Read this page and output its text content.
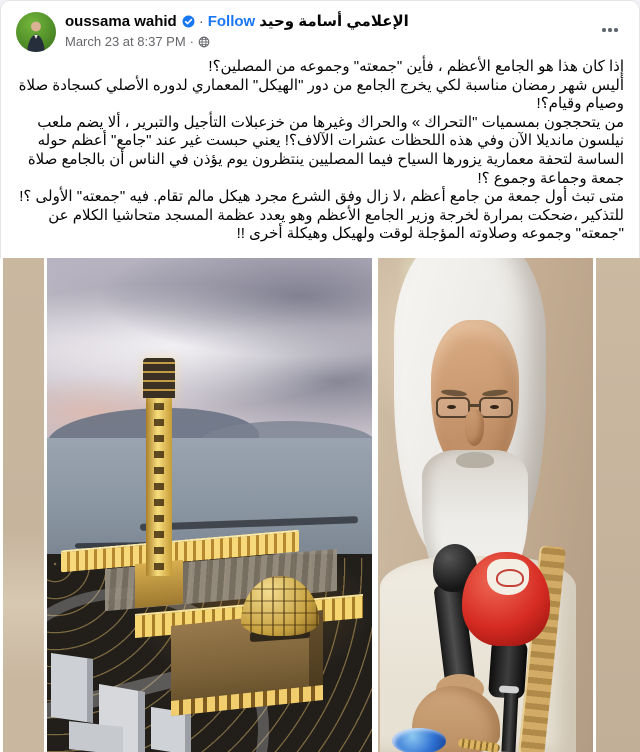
oussama wahid · Follow الإعلامي أسامة وحيد
March 23 at 8:37 PM ·

إذا كان هذا هو الجامع الأعظم ، فأين "جمعته" وجموعه من المصلين؟!

أليس شهر رمضان مناسبة لكي يخرج الجامع من دور "الهيكل" المعماري لدوره الأصلي كسجادة صلاة وصيام وقيام؟!

من يتحججون بمسميات "التحراك » والحراك وغيرها من خزعبلات التأجيل والتبرير ، ألا يضم ملعب نيلسون مانديلا الآن وفي هذه اللحظات عشرات الآلاف؟! يعني حبست غير عند "جامع" أعظم حوله الساسة لتحفة معمارية يزورها السياح فيما المصليين ينتظرون يوم يؤذن في الناس أن بالجامع صلاة جمعة وجماعة وجموع ؟!

متى تبث أول جمعة من جامع أعظم ،لا زال وفق الشرع مجرد هيكل مالم تقام. فيه "جمعته" الأولى ؟!

للتذكير ،ضحكت بمرارة لخرجة وزير الجامع الأعظم وهو يعدد عظمة المسجد متحاشيا الكلام عن "جمعته" وجموعه وصلاوته المؤجلة لوقت ولهيكل وهيكلة أخرى !!
